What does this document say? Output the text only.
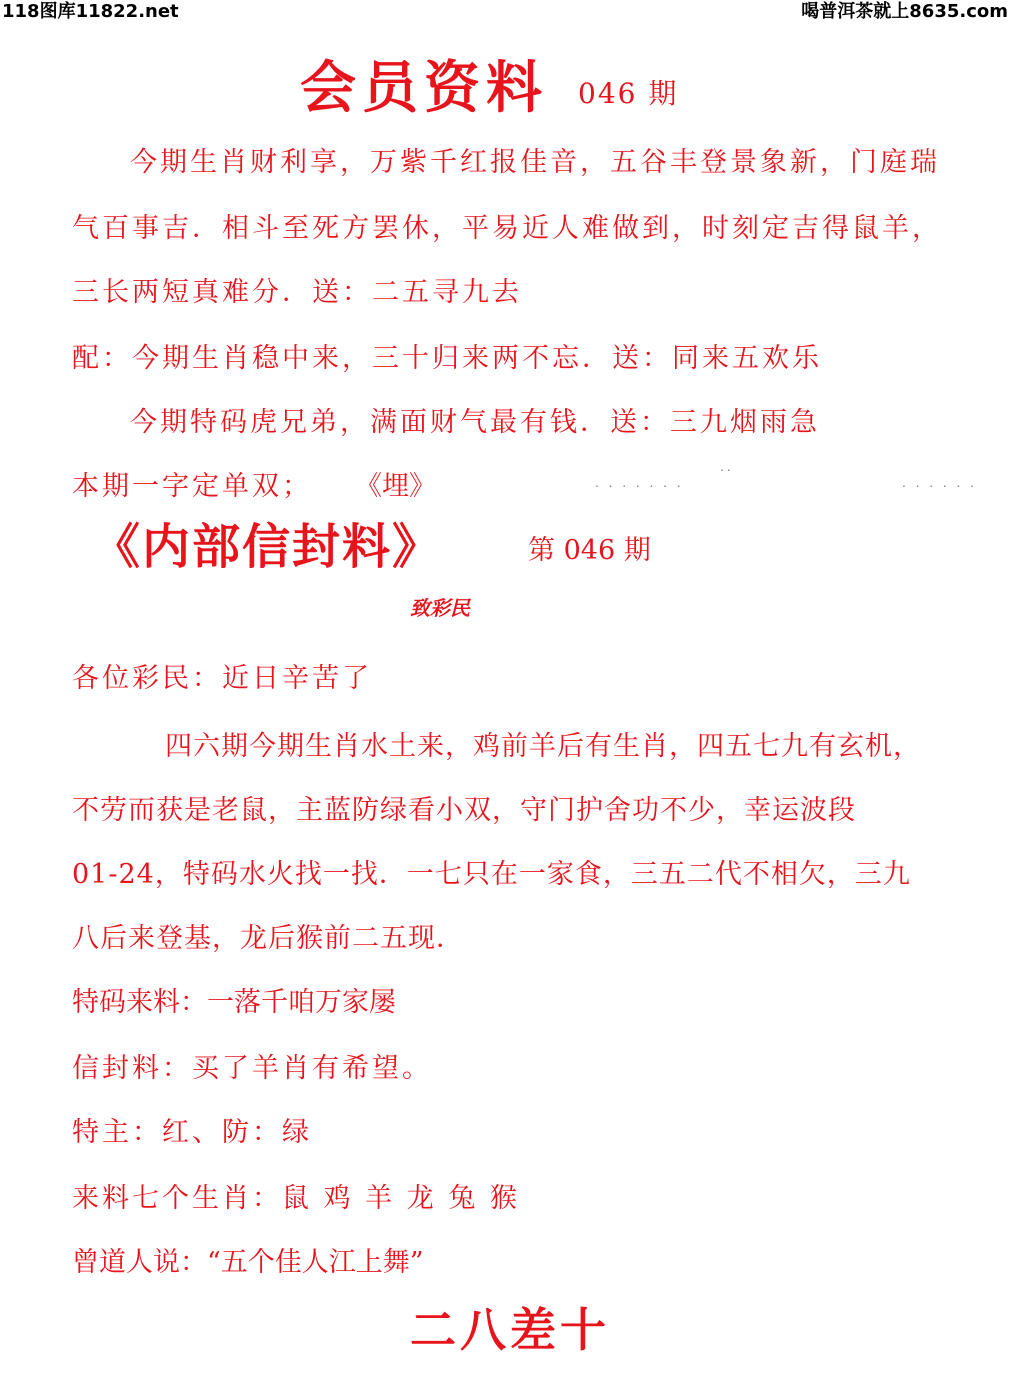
118图库11822.net	喝普洱茶就上8635.com
会员资料 046 期
今期生肖财利享，万紫千红报佳音，五谷丰登景象新，门庭瑞
气百事吉．相斗至死方罢休，平易近人难做到，时刻定吉得鼠羊，
三长两短真难分．送：二五寻九去
配：今期生肖稳中来，三十归来两不忘．送：同来五欢乐
今期特码虎兄弟，满面财气最有钱．送：三九烟雨急
本期一字定单双； 《埋》
..
. . . . . . .	. . . . . .
《内部信封料》	第 046 期
致彩民
各位彩民：近日辛苦了
四六期今期生肖水土来，鸡前羊后有生肖，四五七九有玄机，
不劳而获是老鼠，主蓝防绿看小双，守门护舍功不少，幸运波段
01-24，特码水火找一找．一七只在一家食，三五二代不相欠，三九
八后来登基，龙后猴前二五现．
特码来料：一落千咱万家屡
信封料：买了羊肖有希望。
特主：红、防：绿
来料七个生肖：鼠 鸡 羊 龙 兔 猴
曾道人说：“五个佳人江上舞”
二八差十
